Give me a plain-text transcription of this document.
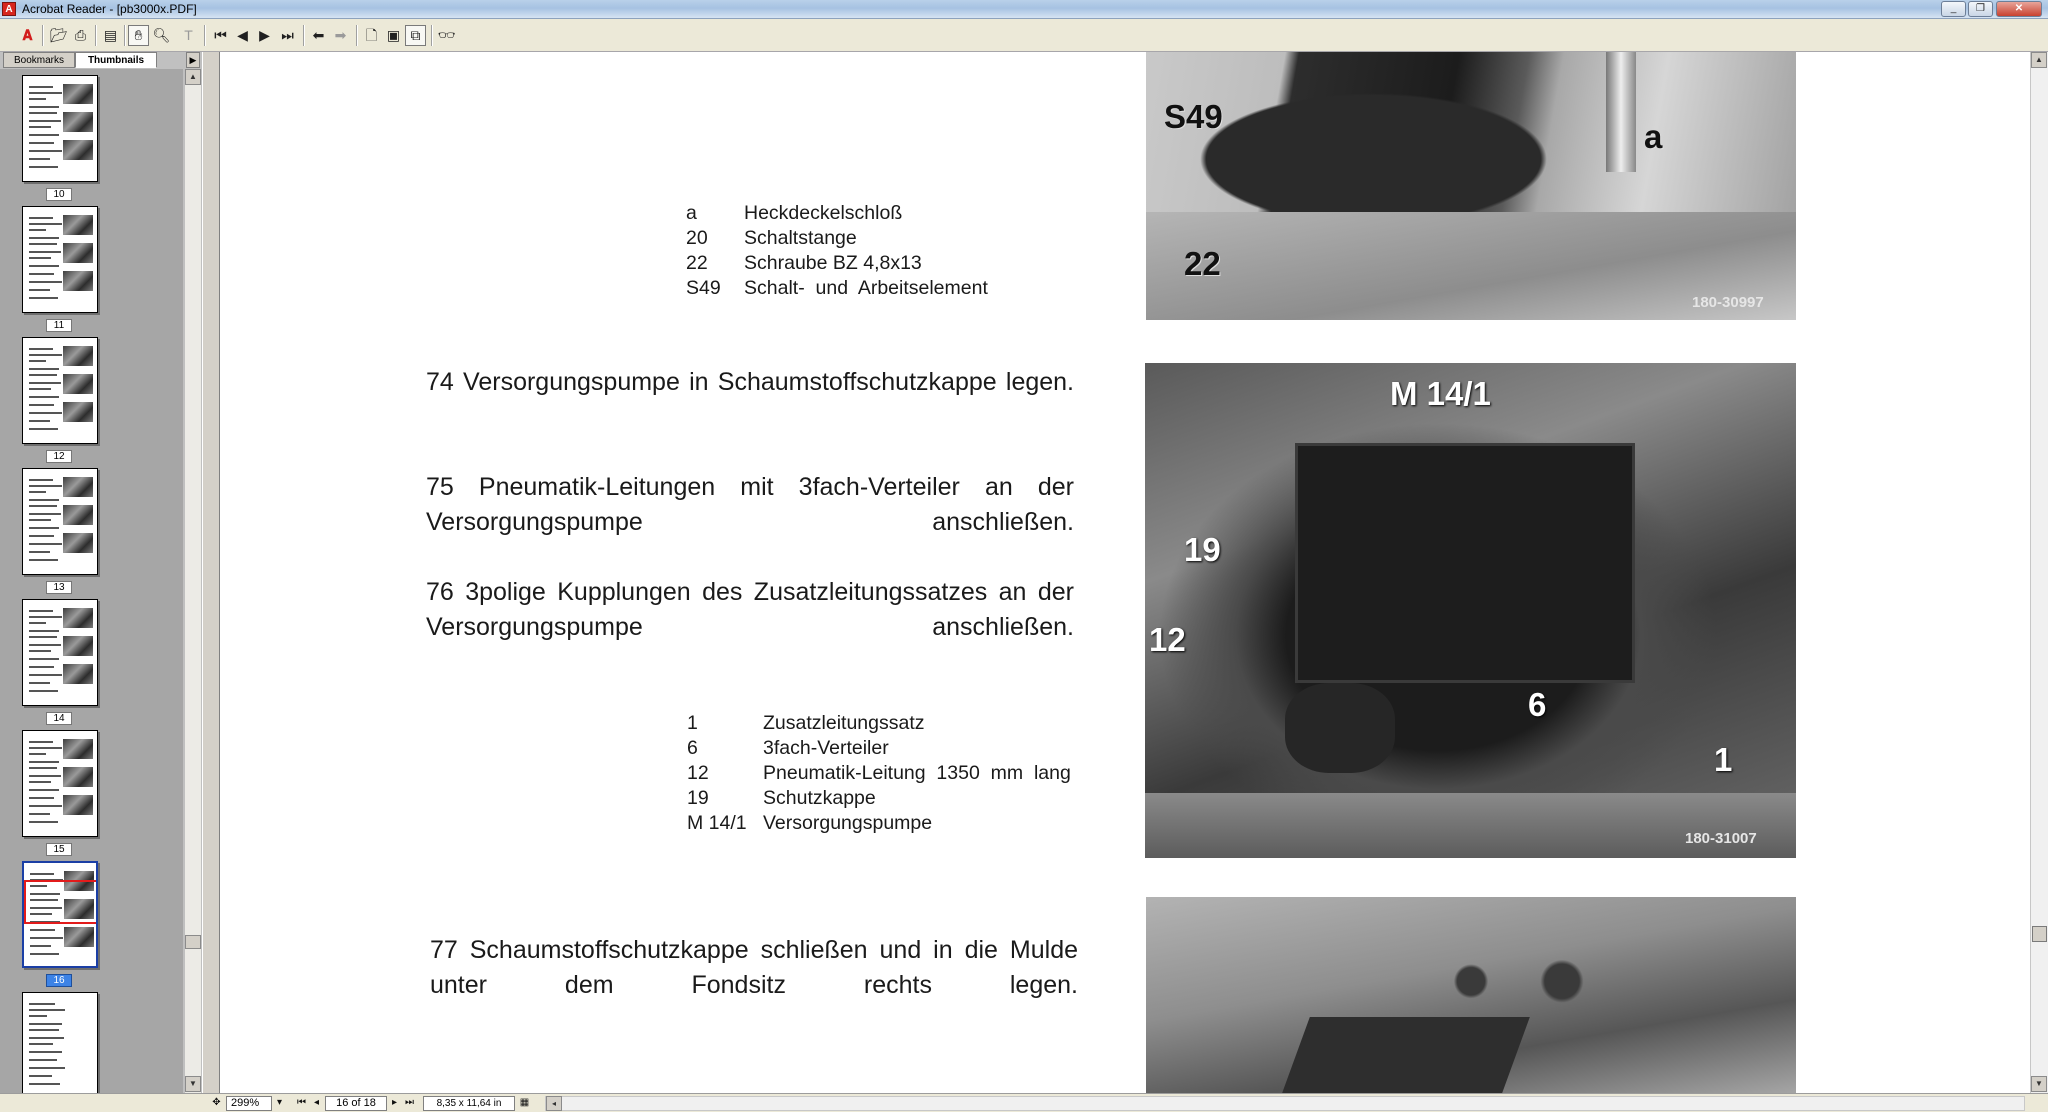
A Acrobat Reader - [pb3000x.PDF]	_	❐	✕
𝐀	📂︎ ⎙	▤	✋︎ 🔍︎ T	⏮︎ ◀ ▶ ⏭︎	⬅ ➡	🗋︎ ▣ ⧉	👓︎
Bookmarks	Thumbnails	▶
10
11
12
13
14
15
16
▲
▼
a Heckdeckelschloß
20 Schaltstange
22 Schraube BZ 4,8x13
S49 Schalt-  und  Arbeitselement
74 Versorgungspumpe in Schaumstoffschutzkappe legen.
75 Pneumatik-Leitungen mit 3fach-Verteiler an der Versorgungspumpe anschließen.
76 3polige Kupplungen des Zusatzleitungssatzes an der Versorgungspumpe anschließen.
1	Zusatzleitungssatz
6	3fach-Verteiler
12	Pneumatik-Leitung  1350  mm  lang
19	Schutzkappe
M 14/1 Versorgungspumpe
77 Schaumstoffschutzkappe schließen und in die Mulde unter dem Fondsitz rechts legen.
S49
a
22
180-30997
M 14/1
19
12
6
1
180-31007
▲
▼
✥ 299%	▾	⏮︎ ◂	16 of 18	▸ ⏭︎	8,35 x 11,64 in	▦	◂
